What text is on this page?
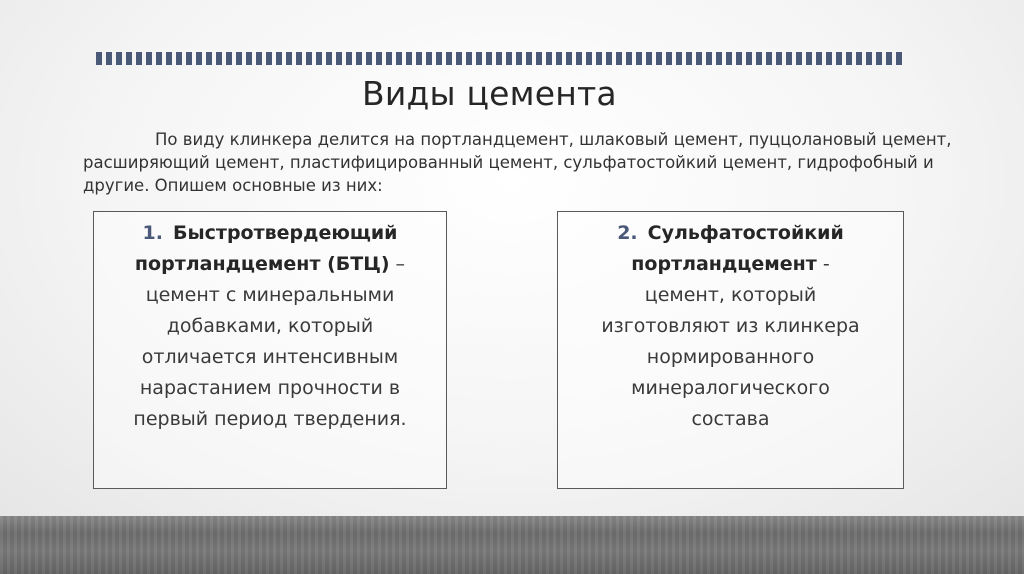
Виды цемента
По виду клинкера делится на портландцемент, шлаковый цемент, пуццолановый цемент, расширяющий цемент, пластифицированный цемент, сульфатостойкий цемент, гидрофобный и другие. Опишем основные из них:
1. Быстротвердеющий
портландцемент (БТЦ) –
цемент с минеральными
добавками, который
отличается интенсивным
нарастанием прочности в
первый период твердения.
2. Сульфатостойкий
портландцемент -
цемент, который
изготовляют из клинкера
нормированного
минералогического
состава
